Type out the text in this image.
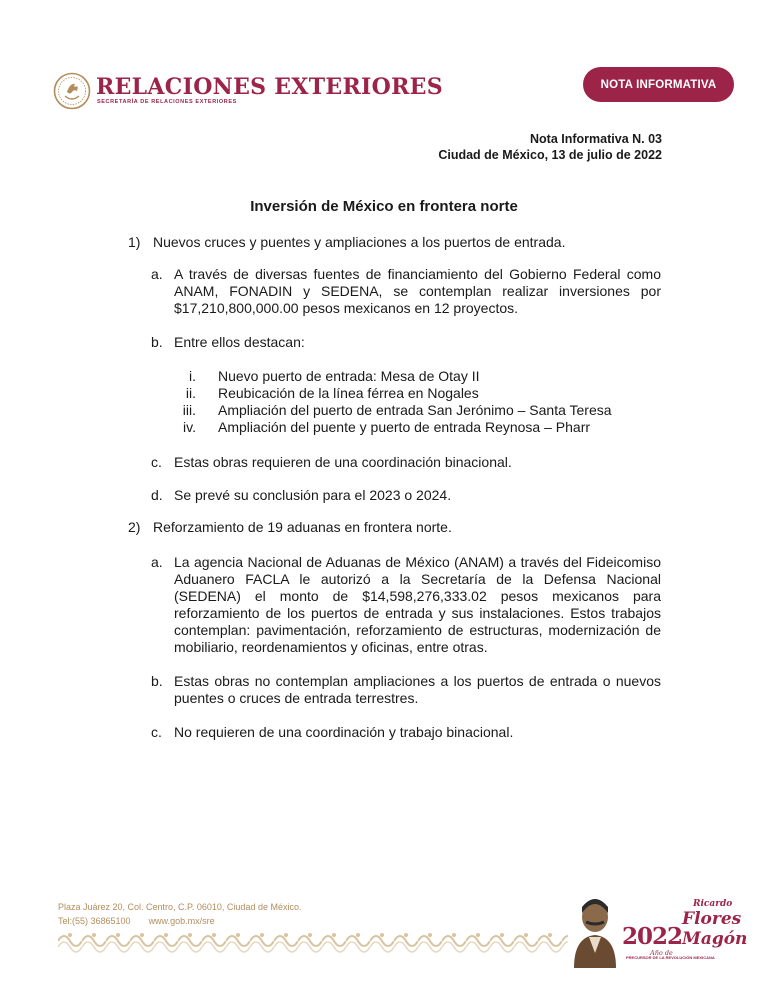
RELACIONES EXTERIORES
SECRETARÍA DE RELACIONES EXTERIORES
NOTA INFORMATIVA
Nota Informativa N. 03
Ciudad de México, 13 de julio de 2022
Inversión de México en frontera norte
1) Nuevos cruces y puentes y ampliaciones a los puertos de entrada.
a. A través de diversas fuentes de financiamiento del Gobierno Federal como ANAM, FONADIN y SEDENA, se contemplan realizar inversiones por $17,210,800,000.00 pesos mexicanos en 12 proyectos.
b. Entre ellos destacan:
i. Nuevo puerto de entrada: Mesa de Otay II
ii. Reubicación de la línea férrea en Nogales
iii. Ampliación del puerto de entrada San Jerónimo – Santa Teresa
iv. Ampliación del puente y puerto de entrada Reynosa – Pharr
c. Estas obras requieren de una coordinación binacional.
d. Se prevé su conclusión para el 2023 o 2024.
2) Reforzamiento de 19 aduanas en frontera norte.
a. La agencia Nacional de Aduanas de México (ANAM) a través del Fideicomiso Aduanero FACLA le autorizó a la Secretaría de la Defensa Nacional (SEDENA) el monto de $14,598,276,333.02 pesos mexicanos para reforzamiento de los puertos de entrada y sus instalaciones. Estos trabajos contemplan: pavimentación, reforzamiento de estructuras, modernización de mobiliario, reordenamientos y oficinas, entre otras.
b. Estas obras no contemplan ampliaciones a los puertos de entrada o nuevos puentes o cruces de entrada terrestres.
c. No requieren de una coordinación y trabajo binacional.
Plaza Juárez 20, Col. Centro, C.P. 06010, Ciudad de México.
Tel:(55) 36865100 www.gob.mx/sre
2022
Año de
Ricardo
Flores
Magón
PRECURSOR DE LA REVOLUCIÓN MEXICANA
